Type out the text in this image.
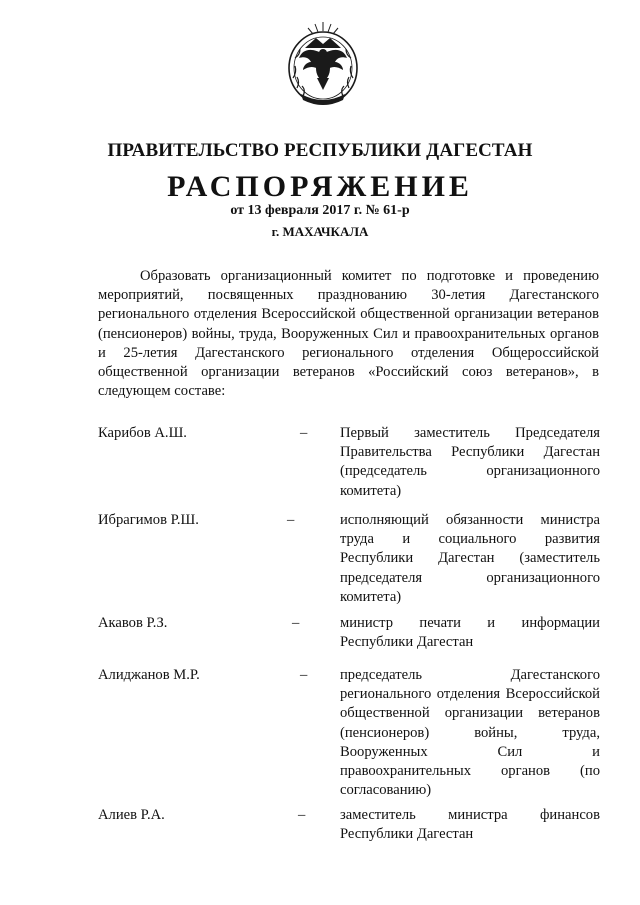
ПРАВИТЕЛЬСТВО РЕСПУБЛИКИ ДАГЕСТАН
РАСПОРЯЖЕНИЕ
от 13 февраля 2017 г. № 61-р
г. МАХАЧКАЛА

Образовать организационный комитет по подготовке и проведению мероприятий, посвященных празднованию 30-летия Дагестанского регионального отделения Всероссийской общественной организации ветеранов (пенсионеров) войны, труда, Вооруженных Сил и правоохранительных органов и 25-летия Дагестанского регионального отделения Общероссийской общественной организации ветеранов «Российский союз ветеранов», в следующем составе:

Карибов А.Ш.	– Первый заместитель Председателя Правительства Республики Дагестан (председатель организационного комитета)

Ибрагимов Р.Ш.	–	исполняющий обязанности министра труда и социального развития Республики Дагестан (заместитель председателя организационного комитета)

Акавов Р.З.	–	министр печати и информации Республики Дагестан

Алиджанов М.Р.	– председатель Дагестанского регионального отделения Всероссийской общественной организации ветеранов (пенсионеров) войны, труда, Вооруженных Сил и правоохранительных органов (по согласованию)

Алиев Р.А.	– заместитель министра финансов Республики Дагестан
